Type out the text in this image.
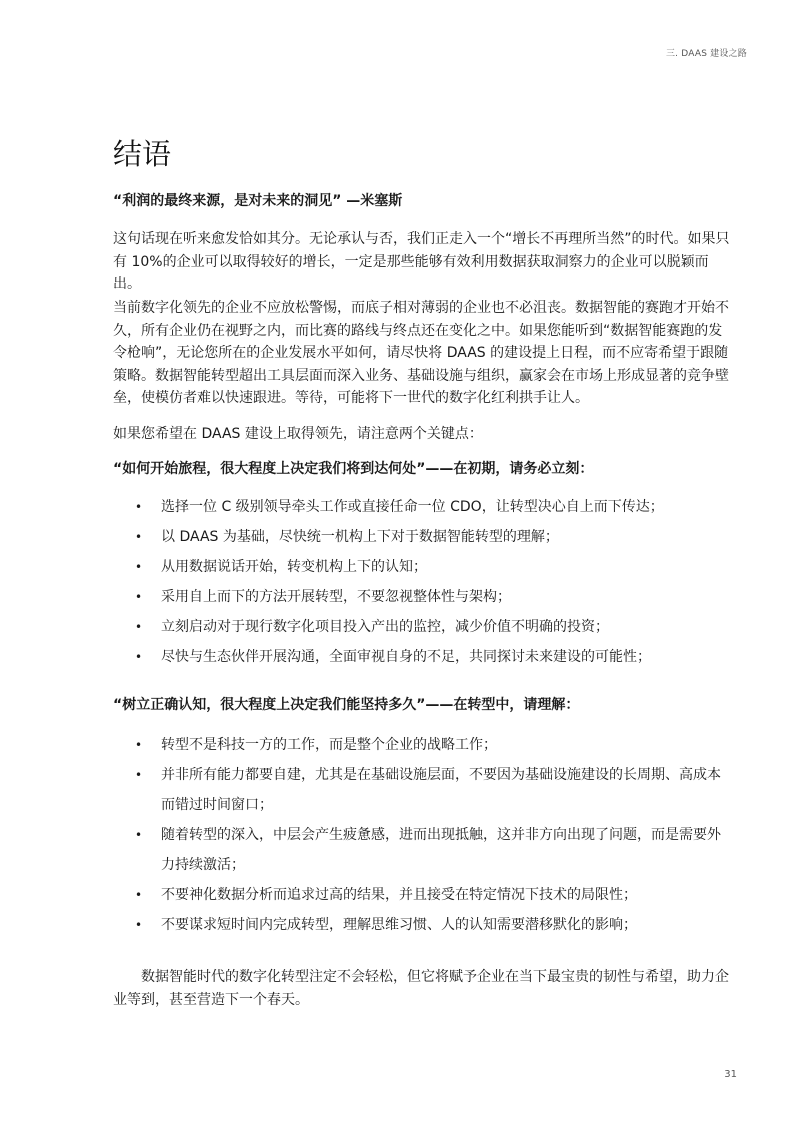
三. DAAS 建设之路
结语

“利润的最终来源，是对未来的洞见” —米塞斯

这句话现在听来愈发恰如其分。无论承认与否，我们正走入一个“增长不再理所当然”的时代。如果只有 10%的企业可以取得较好的增长，一定是那些能够有效利用数据获取洞察力的企业可以脱颖而出。

当前数字化领先的企业不应放松警惕，而底子相对薄弱的企业也不必沮丧。数据智能的赛跑才开始不久，所有企业仍在视野之内，而比赛的路线与终点还在变化之中。如果您能听到“数据智能赛跑的发令枪响”，无论您所在的企业发展水平如何，请尽快将 DAAS 的建设提上日程，而不应寄希望于跟随策略。数据智能转型超出工具层面而深入业务、基础设施与组织，赢家会在市场上形成显著的竞争壁垒，使模仿者难以快速跟进。等待，可能将下一世代的数字化红利拱手让人。

如果您希望在 DAAS 建设上取得领先，请注意两个关键点：

“如何开始旅程，很大程度上决定我们将到达何处”——在初期，请务必立刻：

•	选择一位 C 级别领导牵头工作或直接任命一位 CDO，让转型决心自上而下传达；
•	以 DAAS 为基础，尽快统一机构上下对于数据智能转型的理解；
•	从用数据说话开始，转变机构上下的认知；
•	采用自上而下的方法开展转型，不要忽视整体性与架构；
•	立刻启动对于现行数字化项目投入产出的监控，减少价值不明确的投资；
•	尽快与生态伙伴开展沟通，全面审视自身的不足，共同探讨未来建设的可能性；

“树立正确认知，很大程度上决定我们能坚持多久”——在转型中，请理解：

•	转型不是科技一方的工作，而是整个企业的战略工作；
•	并非所有能力都要自建，尤其是在基础设施层面，不要因为基础设施建设的长周期、高成本而错过时间窗口；
•	随着转型的深入，中层会产生疲惫感，进而出现抵触，这并非方向出现了问题，而是需要外力持续激活；
•	不要神化数据分析而追求过高的结果，并且接受在特定情况下技术的局限性；
•	不要谋求短时间内完成转型，理解思维习惯、人的认知需要潜移默化的影响；

数据智能时代的数字化转型注定不会轻松，但它将赋予企业在当下最宝贵的韧性与希望，助力企业等到，甚至营造下一个春天。

31
